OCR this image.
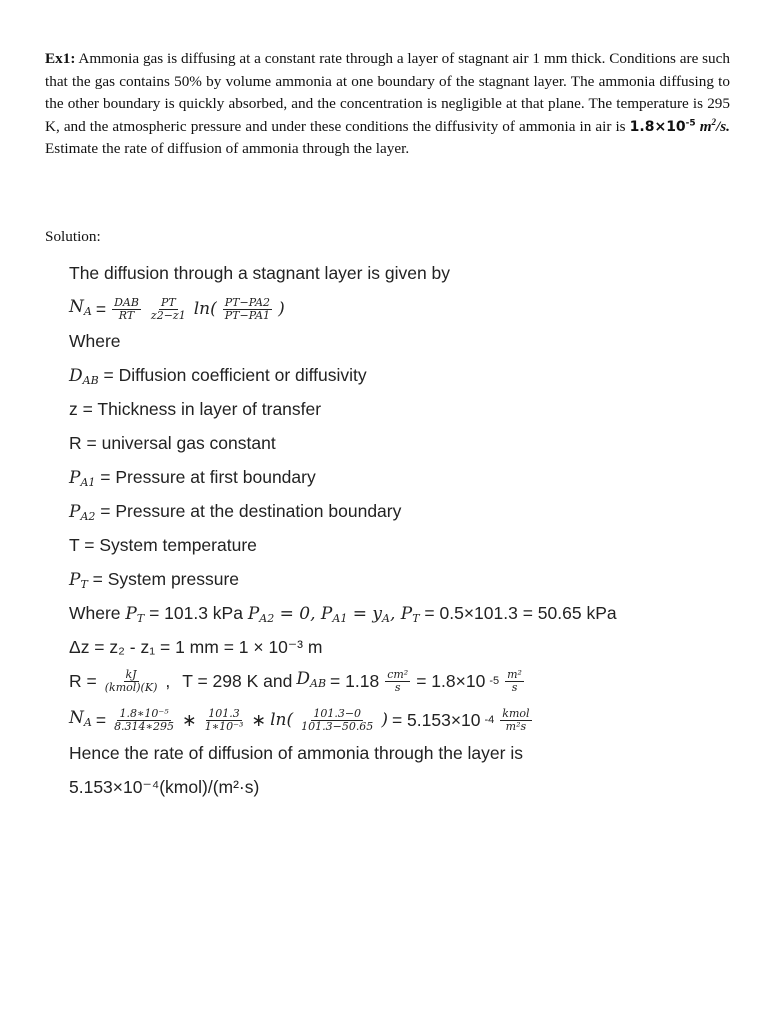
Ex1: Ammonia gas is diffusing at a constant rate through a layer of stagnant air 1 mm thick. Conditions are such that the gas contains 50% by volume ammonia at one boundary of the stagnant layer. The ammonia diffusing to the other boundary is quickly absorbed, and the concentration is negligible at that plane. The temperature is 295 K, and the atmospheric pressure and under these conditions the diffusivity of ammonia in air is $1.8\times 10^{-5}$ $m^2/s$. Estimate the rate of diffusion of ammonia through the layer.
Solution:
The diffusion through a stagnant layer is given by
$N_A = \frac{\text{DAB}}{RT} \frac{PT}{z2-z1} \ln( \frac{PT-PA2}{PT-PA1}$ )
Where
$D_{AB}$ = Diffusion coefficient or diffusivity
z = Thickness in layer of transfer
R = universal gas constant
$P_{A1}$ = Pressure at first boundary
$P_{A2}$ = Pressure at the destination boundary
T = System temperature
$P_T$ = System pressure
Where $P_T = 101.3$ kPa $P_{A2} = 0$, $P_{A1} = y_A$, $P_T = 0.5\times 101.3 = 50.65$ kPa
Δz = z₂ - z₁ = 1 mm = 1 × 10⁻³ m
$R = \frac{kJ}{\text{(kmol)(K)}}$ , T = 298 K and $D_{AB} = 1.18 \frac{\text{cm²}}{s} = 1.8\times 10$ $-5 \frac{\text{m²}}{s}$
$N_A = \frac{\text{1.8∗10⁻⁵}}{8.314∗295}$ ∗ $\frac{101.3}{\text{1∗10⁻³}}$ ∗ $\ln( \frac{101.3-0}{101.3-50.65}$ ) = 5.153×10 $-4 \frac{\text{kmol}}{\text{m²s}}$
Hence the rate of diffusion of ammonia through the layer is
5.153×10⁻⁴(kmol)/(m²·s)
